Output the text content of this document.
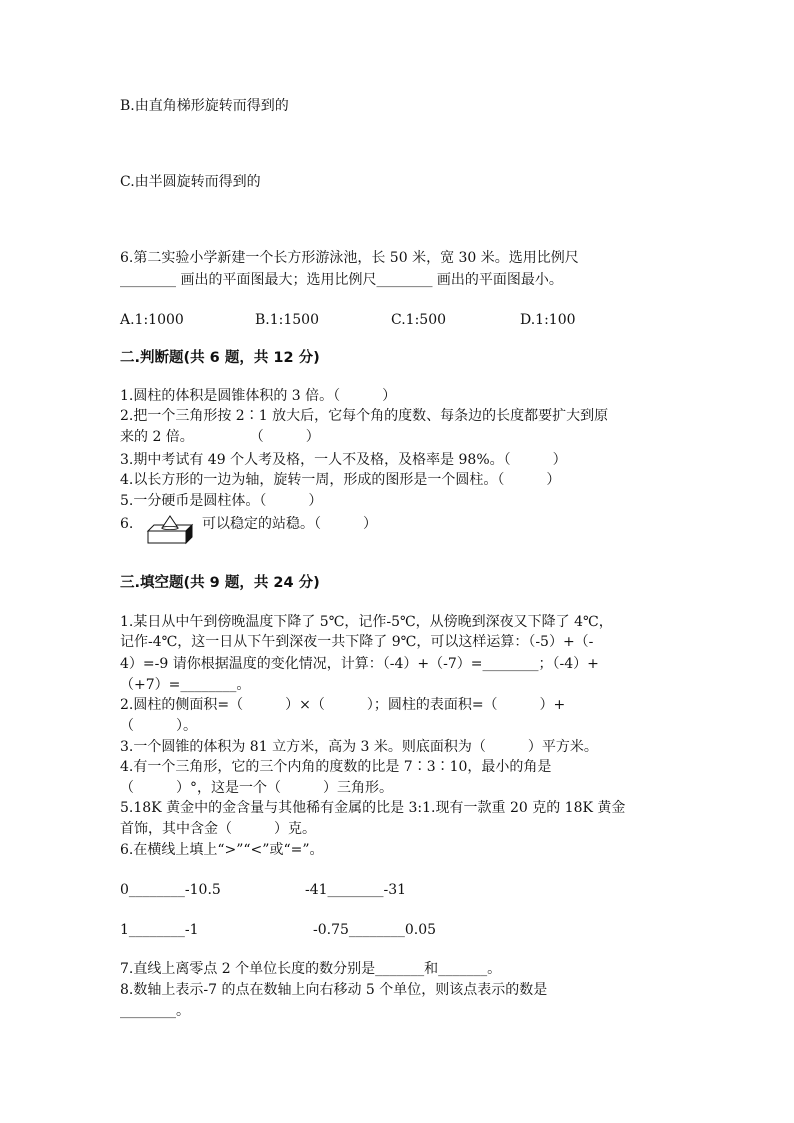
B.由直角梯形旋转而得到的
C.由半圆旋转而得到的
6.第二实验小学新建一个长方形游泳池，长 50 米，宽 30 米。选用比例尺
________ 画出的平面图最大；选用比例尺________ 画出的平面图最小。
A.1:1000	B.1:1500	C.1:500	D.1:100
二.判断题(共 6 题，共 12 分)
1.圆柱的体积是圆锥体积的 3 倍。（　　　）
2.把一个三角形按 2∶1 放大后，它每个角的度数、每条边的长度都要扩大到原
来的 2 倍。　　　　　（　　　）
3.期中考试有 49 个人考及格，一人不及格，及格率是 98%。（　　　）
4.以长方形的一边为轴，旋转一周，形成的图形是一个圆柱。（　　　）
5.一分硬币是圆柱体。（　　　）
6.	可以稳定的站稳。（　　　）
三.填空题(共 9 题，共 24 分)
1.某日从中午到傍晚温度下降了 5℃，记作-5℃，从傍晚到深夜又下降了 4℃，
记作-4℃，这一日从下午到深夜一共下降了 9℃，可以这样运算：（-5）+（-
4）=-9 请你根据温度的变化情况，计算：（-4）+（-7）=________；（-4）+
（+7）=________。
2.圆柱的侧面积=（　　　）×（　　　）；圆柱的表面积=（　　　）+
（　　　）。
3.一个圆锥的体积为 81 立方米，高为 3 米。则底面积为（　　　）平方米。
4.有一个三角形，它的三个内角的度数的比是 7∶3∶10，最小的角是
（　　　）°，这是一个（　　　）三角形。
5.18K 黄金中的金含量与其他稀有金属的比是 3:1.现有一款重 20 克的 18K 黄金
首饰，其中含金（　　　）克。
6.在横线上填上“>”“<”或“=”。
0________-10.5	-41________-31
1________-1	-0.75________0.05
7.直线上离零点 2 个单位长度的数分别是_______和_______。
8.数轴上表示-7 的点在数轴上向右移动 5 个单位，则该点表示的数是
________。
